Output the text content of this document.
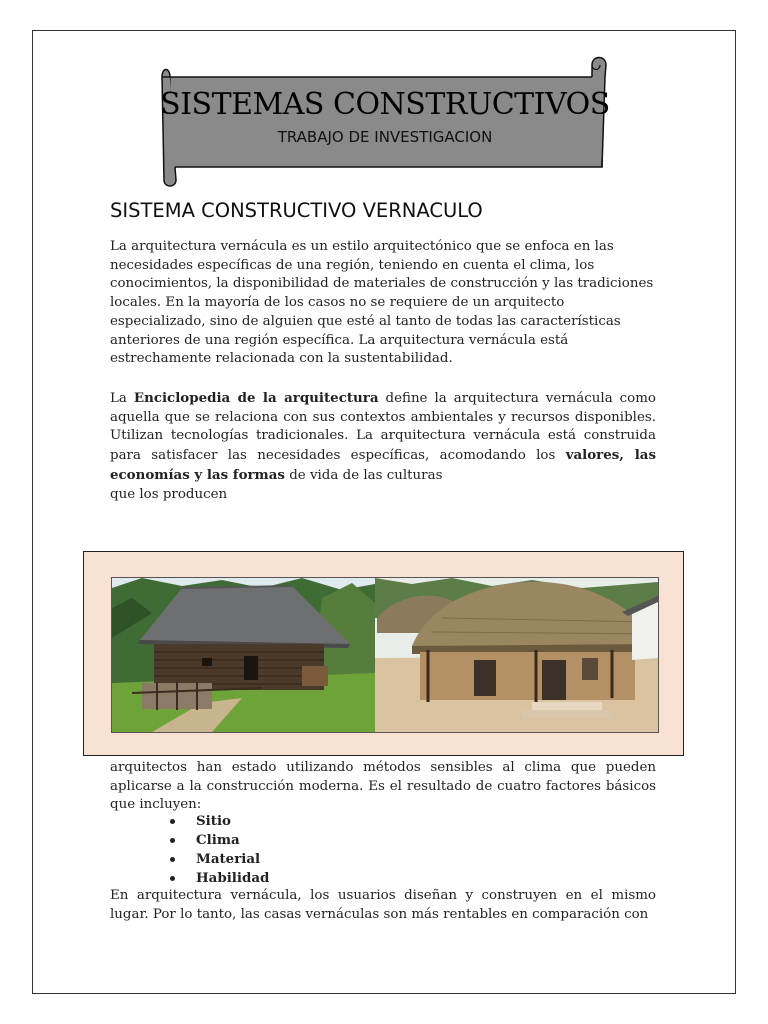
SISTEMAS CONSTRUCTIVOS
TRABAJO DE INVESTIGACION
SISTEMA CONSTRUCTIVO VERNACULO

La arquitectura vernácula es un estilo arquitectónico que se enfoca en las necesidades específicas de una región, teniendo en cuenta el clima, los conocimientos, la disponibilidad de materiales de construcción y las tradiciones locales. En la mayoría de los casos no se requiere de un arquitecto especializado, sino de alguien que esté al tanto de todas las características anteriores de una región específica. La arquitectura vernácula está estrechamente relacionada con la sustentabilidad.

La Enciclopedia de la arquitectura define la arquitectura vernácula como aquella que se relaciona con sus contextos ambientales y recursos disponibles. Utilizan tecnologías tradicionales. La arquitectura vernácula está construida para satisfacer las necesidades específicas, acomodando los valores, las economías y las formas de vida de las culturas
que los producen

arquitectos han estado utilizando métodos sensibles al clima que pueden aplicarse a la construcción moderna. Es el resultado de cuatro factores básicos que incluyen:

Sitio
Clima
Material
Habilidad

En arquitectura vernácula, los usuarios diseñan y construyen en el mismo lugar. Por lo tanto, las casas vernáculas son más rentables en comparación con
